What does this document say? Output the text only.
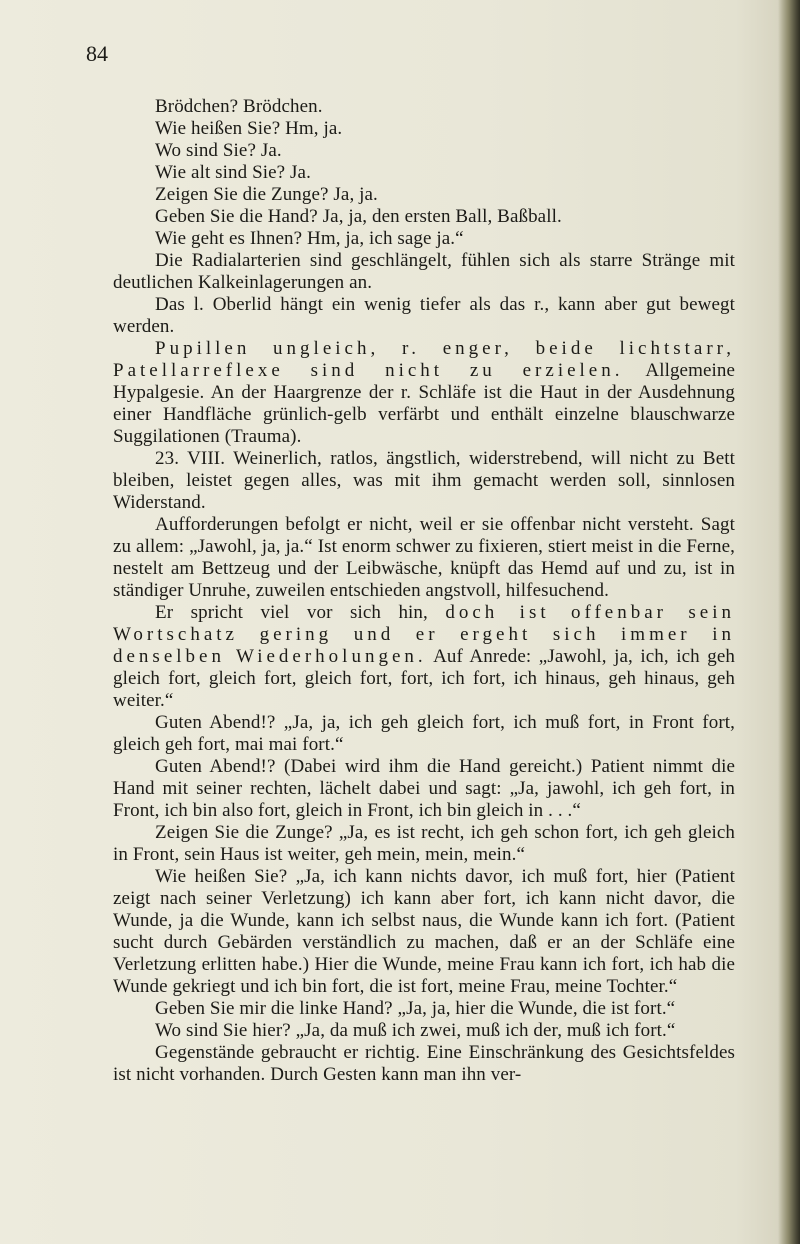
84

Brödchen? Brödchen.

Wie heißen Sie? Hm, ja.

Wo sind Sie? Ja.

Wie alt sind Sie? Ja.

Zeigen Sie die Zunge? Ja, ja.

Geben Sie die Hand? Ja, ja, den ersten Ball, Baßball.

Wie geht es Ihnen? Hm, ja, ich sage ja.“

Die Radialarterien sind geschlängelt, fühlen sich als starre Stränge mit deutlichen Kalkeinlagerungen an.

Das l. Oberlid hängt ein wenig tiefer als das r., kann aber gut bewegt werden.

Pupillen ungleich, r. enger, beide lichtstarr, Patellarreflexe sind nicht zu erzielen. Allgemeine Hypalgesie. An der Haargrenze der r. Schläfe ist die Haut in der Ausdehnung einer Handfläche grünlich-gelb verfärbt und enthält einzelne blauschwarze Suggilationen (Trauma).

23. VIII. Weinerlich, ratlos, ängstlich, widerstrebend, will nicht zu Bett bleiben, leistet gegen alles, was mit ihm gemacht werden soll, sinnlosen Widerstand.

Aufforderungen befolgt er nicht, weil er sie offenbar nicht versteht. Sagt zu allem: „Jawohl, ja, ja.“ Ist enorm schwer zu fixieren, stiert meist in die Ferne, nestelt am Bettzeug und der Leibwäsche, knüpft das Hemd auf und zu, ist in ständiger Unruhe, zuweilen entschieden angstvoll, hilfesuchend.

Er spricht viel vor sich hin, doch ist offenbar sein Wortschatz gering und er ergeht sich immer in denselben Wiederholungen. Auf Anrede: „Jawohl, ja, ich, ich geh gleich fort, gleich fort, gleich fort, fort, ich fort, ich hinaus, geh hinaus, geh weiter.“

Guten Abend!? „Ja, ja, ich geh gleich fort, ich muß fort, in Front fort, gleich geh fort, mai mai fort.“

Guten Abend!? (Dabei wird ihm die Hand gereicht.) Patient nimmt die Hand mit seiner rechten, lächelt dabei und sagt: „Ja, jawohl, ich geh fort, in Front, ich bin also fort, gleich in Front, ich bin gleich in . . .“

Zeigen Sie die Zunge? „Ja, es ist recht, ich geh schon fort, ich geh gleich in Front, sein Haus ist weiter, geh mein, mein, mein.“

Wie heißen Sie? „Ja, ich kann nichts davor, ich muß fort, hier (Patient zeigt nach seiner Verletzung) ich kann aber fort, ich kann nicht davor, die Wunde, ja die Wunde, kann ich selbst naus, die Wunde kann ich fort. (Patient sucht durch Gebärden verständlich zu machen, daß er an der Schläfe eine Verletzung erlitten habe.) Hier die Wunde, meine Frau kann ich fort, ich hab die Wunde gekriegt und ich bin fort, die ist fort, meine Frau, meine Tochter.“

Geben Sie mir die linke Hand? „Ja, ja, hier die Wunde, die ist fort.“

Wo sind Sie hier? „Ja, da muß ich zwei, muß ich der, muß ich fort.“

Gegenstände gebraucht er richtig. Eine Einschränkung des Gesichtsfeldes ist nicht vorhanden. Durch Gesten kann man ihn ver-
